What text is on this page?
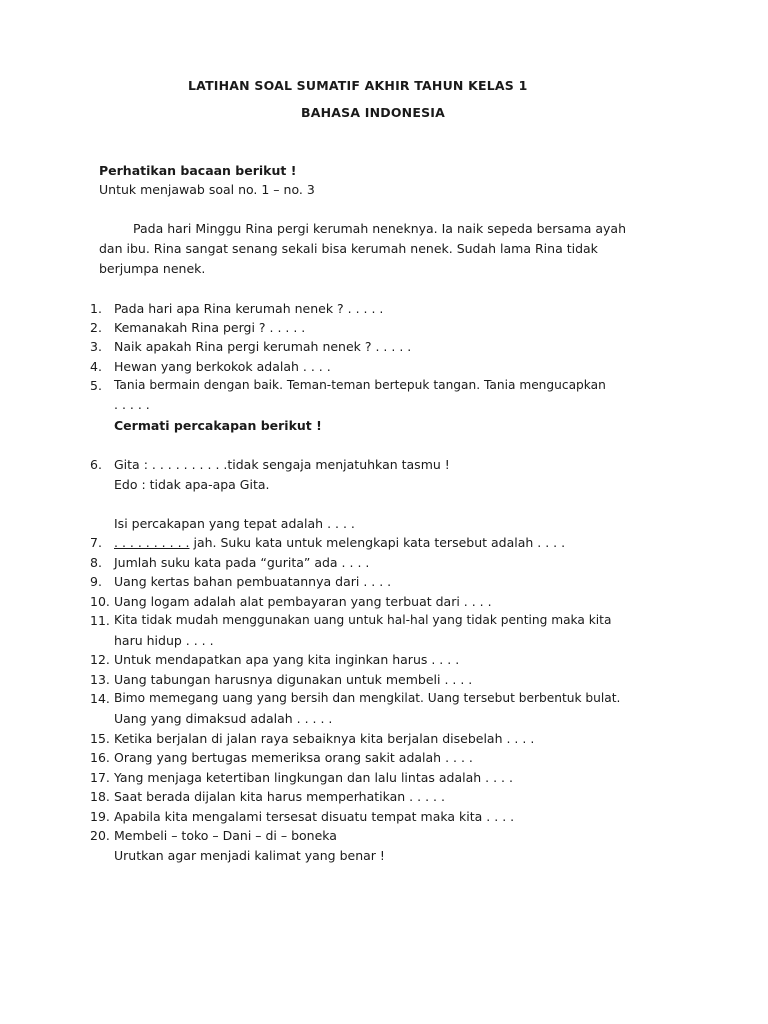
LATIHAN SOAL SUMATIF AKHIR TAHUN KELAS 1
BAHASA INDONESIA
Perhatikan bacaan berikut !
Untuk menjawab soal no. 1 – no. 3
Pada hari Minggu Rina pergi kerumah neneknya. Ia naik sepeda bersama ayah
dan ibu. Rina sangat senang sekali bisa kerumah nenek. Sudah lama Rina tidak
berjumpa nenek.
1. Pada hari apa Rina kerumah nenek ? . . . . .
2. Kemanakah Rina pergi ? . . . . .
3. Naik apakah Rina pergi kerumah nenek ? . . . . .
4. Hewan yang berkokok adalah . . . .
5. Tania bermain dengan baik. Teman-teman bertepuk tangan. Tania mengucapkan
. . . . .
Cermati percakapan berikut !
6. Gita : . . . . . . . . . .tidak sengaja menjatuhkan tasmu !
Edo : tidak apa-apa Gita.
Isi percakapan yang tepat adalah . . . .
7. . . . . . . . . . . jah. Suku kata untuk melengkapi kata tersebut adalah . . . .
8. Jumlah suku kata pada “gurita” ada . . . .
9. Uang kertas bahan pembuatannya dari . . . .
10. Uang logam adalah alat pembayaran yang terbuat dari . . . .
11. Kita tidak mudah menggunakan uang untuk hal-hal yang tidak penting maka kita
haru hidup . . . .
12. Untuk mendapatkan apa yang kita inginkan harus . . . .
13. Uang tabungan harusnya digunakan untuk membeli . . . .
14. Bimo memegang uang yang bersih dan mengkilat. Uang tersebut berbentuk bulat.
Uang yang dimaksud adalah . . . . .
15. Ketika berjalan di jalan raya sebaiknya kita berjalan disebelah . . . .
16. Orang yang bertugas memeriksa orang sakit adalah . . . .
17. Yang menjaga ketertiban lingkungan dan lalu lintas adalah . . . .
18. Saat berada dijalan kita harus memperhatikan . . . . .
19. Apabila kita mengalami tersesat disuatu tempat maka kita . . . .
20. Membeli – toko – Dani – di – boneka
Urutkan agar menjadi kalimat yang benar !
